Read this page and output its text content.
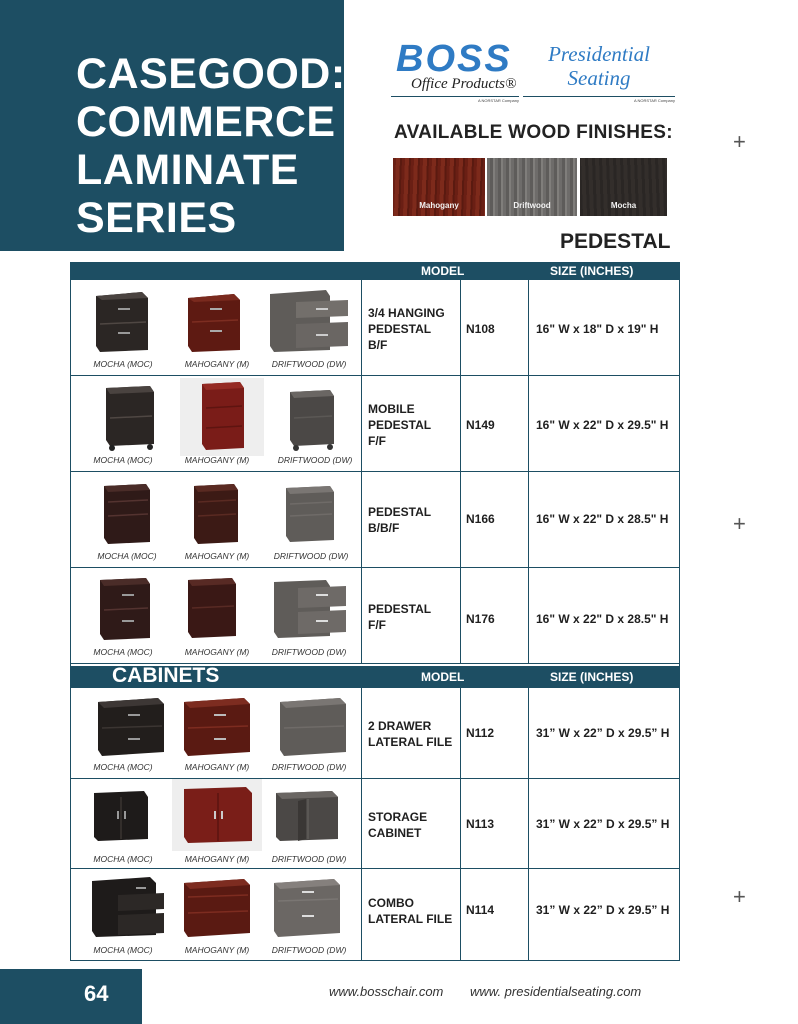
CASEGOOD:
COMMERCE
LAMINATE
SERIES
BOSS
Office Products®
A NORSTAR Company
Presidential
Seating
A NORSTAR Company
AVAILABLE WOOD FINISHES:
Mahogany	Driftwood	Mocha
PEDESTAL
+
+
+
MODEL	SIZE (INCHES)
MOCHA (MOC)	MAHOGANY (M)	DRIFTWOOD (DW)
3/4 HANGING
PEDESTAL
B/F
N108	16" W x 18" D x 19" H
MOCHA (MOC)	MAHOGANY (M)	DRIFTWOOD (DW)
MOBILE
PEDESTAL
F/F
N149	16" W x 22" D x 29.5" H
MOCHA (MOC)	MAHOGANY (M)	DRIFTWOOD (DW)
PEDESTAL
B/B/F
N166	16" W x 22" D x 28.5" H
MOCHA (MOC)	MAHOGANY (M)	DRIFTWOOD (DW)
PEDESTAL
F/F	N176	16" W x 22" D x 28.5" H
CABINETS	MODEL	SIZE (INCHES)
MOCHA (MOC)	MAHOGANY (M)	DRIFTWOOD (DW)
2 DRAWER
LATERAL FILE
N112	31” W x 22” D x 29.5” H
MOCHA (MOC)	MAHOGANY (M)	DRIFTWOOD (DW)
STORAGE
CABINET
N113	31” W x 22” D x 29.5” H
MOCHA (MOC)	MAHOGANY (M)	DRIFTWOOD (DW)
COMBO
LATERAL FILE
N114	31” W x 22” D x 29.5” H
64	www.bosschair.com www. presidentialseating.com
